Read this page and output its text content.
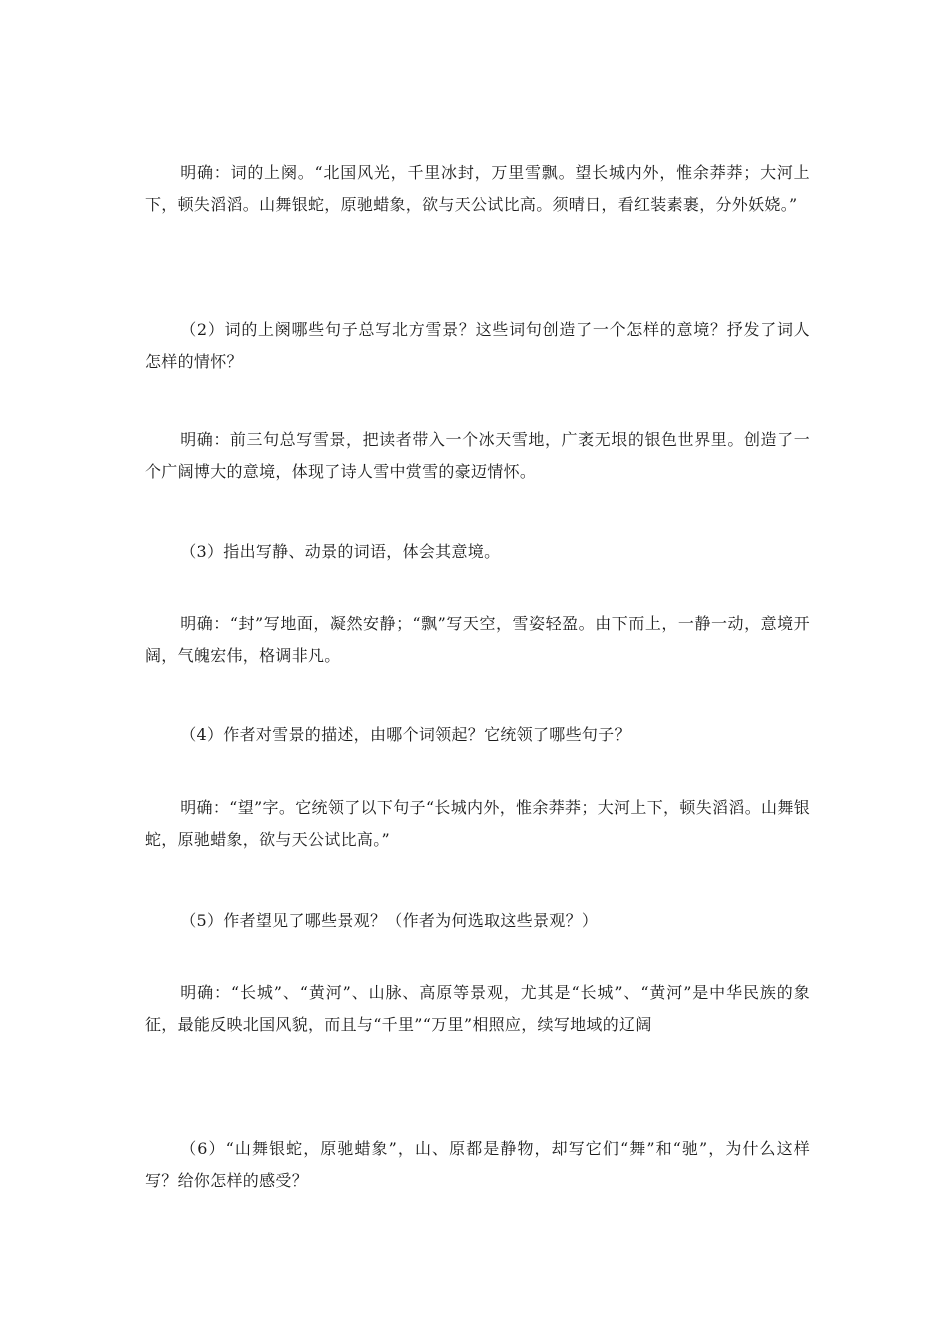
明确：词的上阕。“北国风光，千里冰封，万里雪飘。望长城内外，惟余莽莽；大河上下，顿失滔滔。山舞银蛇，原驰蜡象，欲与天公试比高。须晴日，看红装素裹，分外妖娆。”

（2）词的上阕哪些句子总写北方雪景？这些词句创造了一个怎样的意境？抒发了词人怎样的情怀？

明确：前三句总写雪景，把读者带入一个冰天雪地，广袤无垠的银色世界里。创造了一个广阔博大的意境，体现了诗人雪中赏雪的豪迈情怀。

（3）指出写静、动景的词语，体会其意境。

明确：“封”写地面，凝然安静；“飘”写天空，雪姿轻盈。由下而上，一静一动，意境开阔，气魄宏伟，格调非凡。

（4）作者对雪景的描述，由哪个词领起？它统领了哪些句子？

明确：“望”字。它统领了以下句子“长城内外，惟余莽莽；大河上下，顿失滔滔。山舞银蛇，原驰蜡象，欲与天公试比高。”

（5）作者望见了哪些景观？（作者为何选取这些景观？）

明确：“长城”、“黄河”、山脉、高原等景观，尤其是“长城”、“黄河”是中华民族的象征，最能反映北国风貌，而且与“千里”“万里”相照应，续写地域的辽阔

（6）“山舞银蛇，原驰蜡象”，山、原都是静物，却写它们“舞”和“驰”，为什么这样写？给你怎样的感受？
